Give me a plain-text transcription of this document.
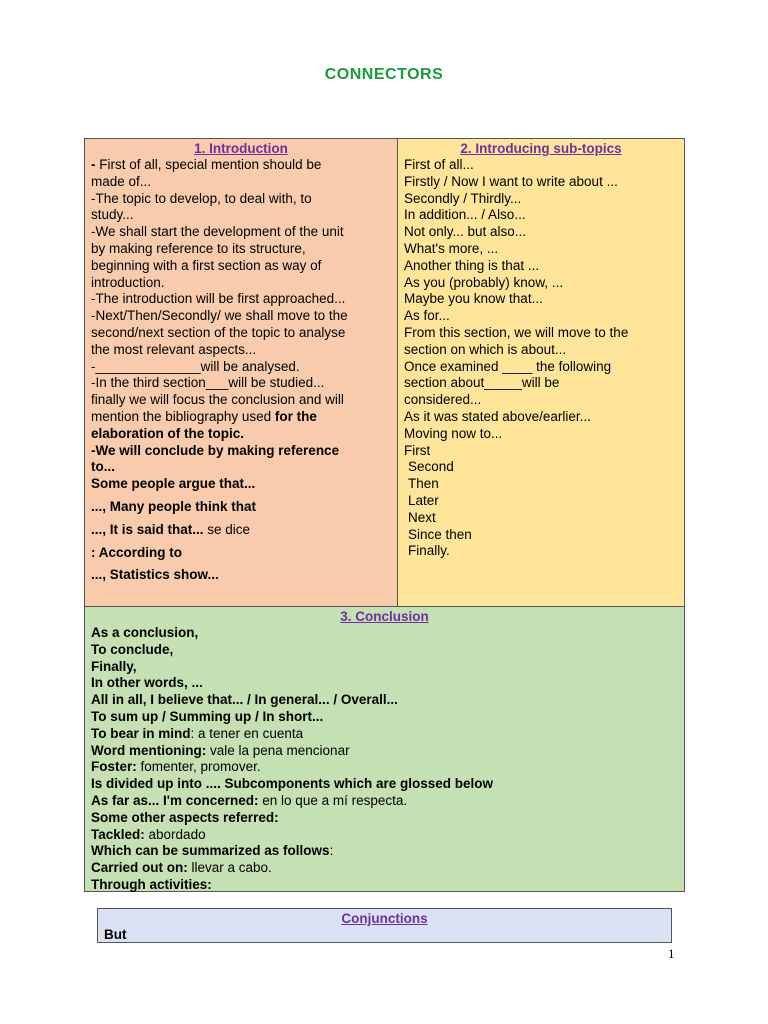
CONNECTORS
1. Introduction
- First of all, special mention should be
made of...
-The topic to develop, to deal with, to
study...
-We shall start the development of the unit
by making reference to its structure,
beginning with a first section as way of
introduction.
-The introduction will be first approached...
-Next/Then/Secondly/ we shall move to the
second/next section of the topic to analyse
the most relevant aspects...
-______________will be analysed.
-In the third section___will be studied...
finally we will focus the conclusion and will
mention the bibliography used for the
elaboration of the topic.
-We will conclude by making reference
to...
Some people argue that...
..., Many people think that
..., It is said that... se dice
: According to
..., Statistics show...
2. Introducing sub-topics
First of all...
Firstly / Now I want to write about ...
Secondly / Thirdly...
In addition... / Also...
Not only... but also...
What's more, ...
Another thing is that ...
As you (probably) know, ...
Maybe you know that...
As for...
From this section, we will move to the
section on which is about...
Once examined ____ the following
section about_____will be
considered...
As it was stated above/earlier...
Moving now to...
First
Second
Then
Later
Next
Since then
Finally.
3. Conclusion
As a conclusion,
To conclude,
Finally,
In other words, ...
All in all, I believe that... / In general... / Overall...
To sum up / Summing up / In short...
To bear in mind: a tener en cuenta
Word mentioning: vale la pena mencionar
Foster: fomenter, promover.
Is divided up into .... Subcomponents which are glossed below
As far as... I'm concerned: en lo que a mí respecta.
Some other aspects referred:
Tackled: abordado
Which can be summarized as follows:
Carried out on: llevar a cabo.
Through activities:
Conjunctions
But
1
